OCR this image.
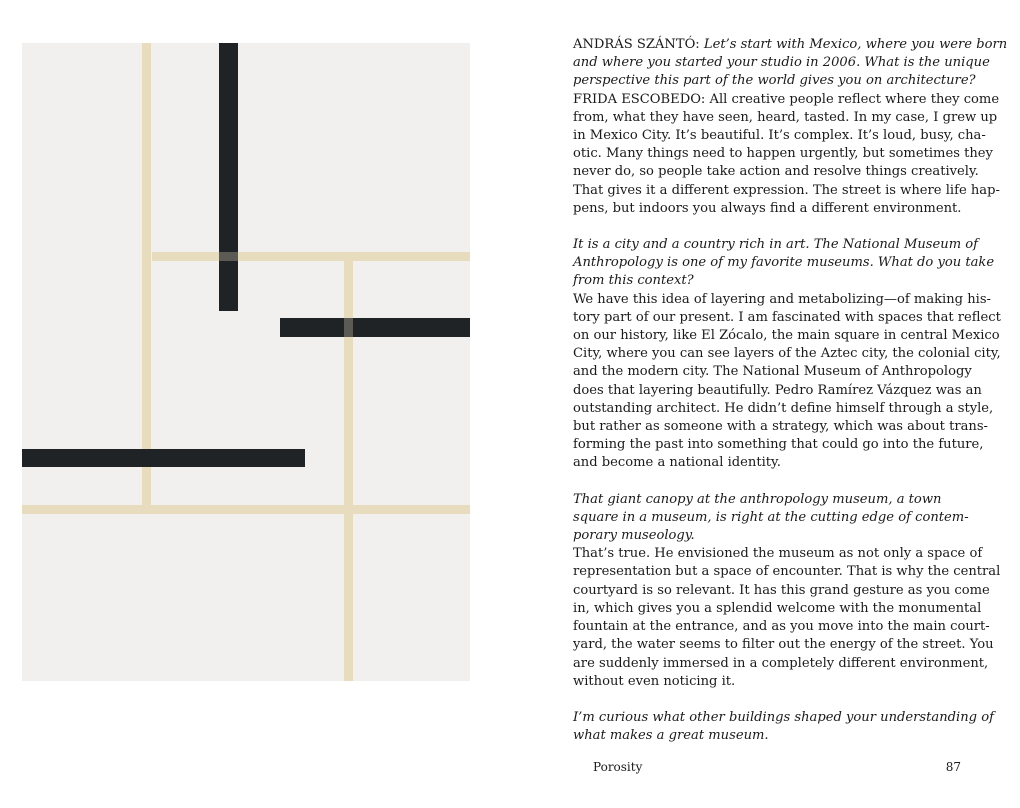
ANDRÁS SZÁNTÓ: Let’s start with Mexico, where you were born
and where you started your studio in 2006. What is the unique
perspective this part of the world gives you on architecture?
FRIDA ESCOBEDO: All creative people reflect where they come
from, what they have seen, heard, tasted. In my case, I grew up
in Mexico City. It’s beautiful. It’s complex. It’s loud, busy, cha-
otic. Many things need to happen urgently, but sometimes they
never do, so people take action and resolve things creatively.
That gives it a different expression. The street is where life hap-
pens, but indoors you always find a different environment.

It is a city and a country rich in art. The National Museum of
Anthropology is one of my favorite museums. What do you take
from this context?
We have this idea of layering and metabolizing—of making his-
tory part of our present. I am fascinated with spaces that reflect
on our history, like El Zócalo, the main square in central Mexico
City, where you can see layers of the Aztec city, the colonial city,
and the modern city. The National Museum of Anthropology
does that layering beautifully. Pedro Ramírez Vázquez was an
outstanding architect. He didn’t define himself through a style,
but rather as someone with a strategy, which was about trans-
forming the past into something that could go into the future,
and become a national identity.

That giant canopy at the anthropology museum, a town
square in a museum, is right at the cutting edge of contem-
porary museology.
That’s true. He envisioned the museum as not only a space of
representation but a space of encounter. That is why the central
courtyard is so relevant. It has this grand gesture as you come
in, which gives you a splendid welcome with the monumental
fountain at the entrance, and as you move into the main court-
yard, the water seems to filter out the energy of the street. You
are suddenly immersed in a completely different environment,
without even noticing it.

I’m curious what other buildings shaped your understanding of
what makes a great museum.

Porosity	87
